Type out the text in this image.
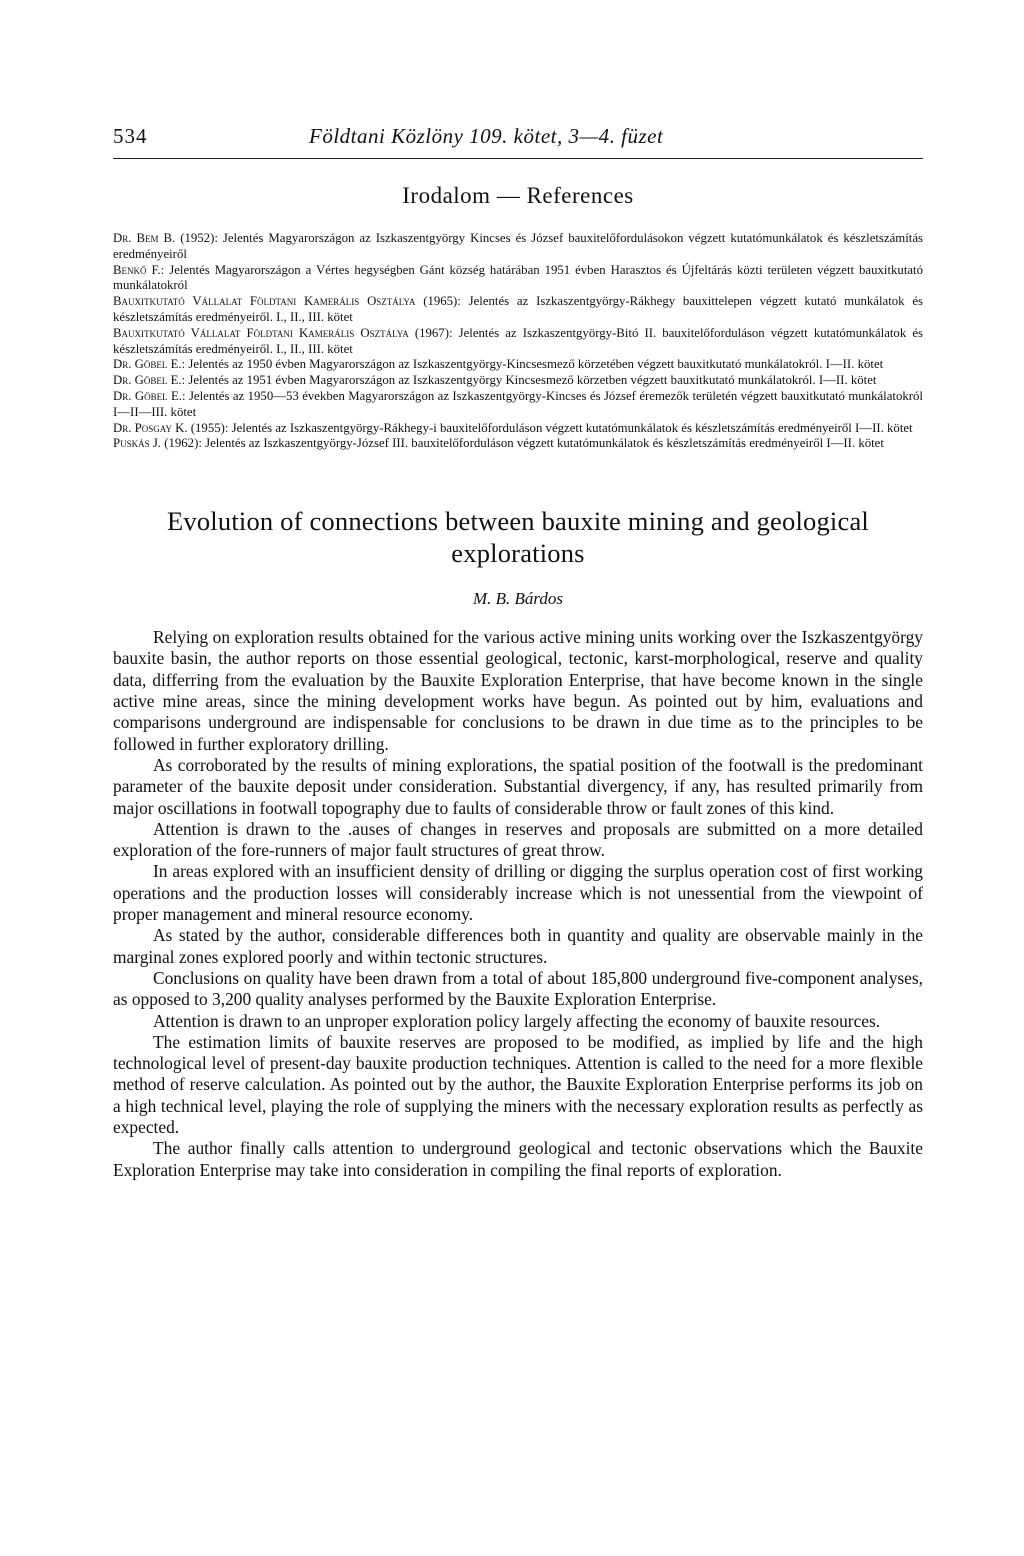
534	Földtani Közlöny 109. kötet, 3—4. füzet
Irodalom — References

Dr. Bem B. (1952): Jelentés Magyarországon az Iszkaszentgyörgy Kincses és József bauxitelőfordulásokon végzett kutatómunkálatok és készletszámítás eredményeiről

Benkő F.: Jelentés Magyarországon a Vértes hegységben Gánt község határában 1951 évben Harasztos és Újfeltárás közti területen végzett bauxitkutató munkálatokról

Bauxitkutató Vállalat Földtani Kamerális Osztálya (1965): Jelentés az Iszkaszentgyörgy-Rákhegy bauxittelepen végzett kutató munkálatok és készletszámítás eredményeiről. I., II., III. kötet

Bauxitkutató Vállalat Földtani Kamerális Osztálya (1967): Jelentés az Iszkaszentgyörgy-Bitó II. bauxitelőforduláson végzett kutatómunkálatok és készletszámítás eredményeiről. I., II., III. kötet

Dr. Göbel E.: Jelentés az 1950 évben Magyarországon az Iszkaszentgyörgy-Kincsesmező körzetében végzett bauxitkutató munkálatokról. I—II. kötet

Dr. Göbel E.: Jelentés az 1951 évben Magyarországon az Iszkaszentgyörgy Kincsesmező körzetben végzett bauxitkutató munkálatokról. I—II. kötet

Dr. Göbel E.: Jelentés az 1950—53 években Magyarországon az Iszkaszentgyörgy-Kincses és József éremezők területén végzett bauxitkutató munkálatokról I—II—III. kötet

Dr. Posgay K. (1955): Jelentés az Iszkaszentgyörgy-Rákhegy-i bauxitelőforduláson végzett kutatómunkálatok és készletszámítás eredményeiről I—II. kötet

Puskás J. (1962): Jelentés az Iszkaszentgyörgy-József III. bauxitelőforduláson végzett kutatómunkálatok és készletszámítás eredményeiről I—II. kötet

Evolution of connections between bauxite mining and geological explorations
M. B. Bárdos

Relying on exploration results obtained for the various active mining units working over the Iszkaszentgyörgy bauxite basin, the author reports on those essential geological, tectonic, karst-morphological, reserve and quality data, differring from the evaluation by the Bauxite Exploration Enterprise, that have become known in the single active mine areas, since the mining development works have begun. As pointed out by him, evaluations and comparisons underground are indispensable for conclusions to be drawn in due time as to the principles to be followed in further exploratory drilling.

As corroborated by the results of mining explorations, the spatial position of the footwall is the predominant parameter of the bauxite deposit under consideration. Substantial divergency, if any, has resulted primarily from major oscillations in footwall topography due to faults of considerable throw or fault zones of this kind.

Attention is drawn to the .auses of changes in reserves and proposals are submitted on a more detailed exploration of the fore-runners of major fault structures of great throw.

In areas explored with an insufficient density of drilling or digging the surplus operation cost of first working operations and the production losses will considerably increase which is not unessential from the viewpoint of proper management and mineral resource economy.

As stated by the author, considerable differences both in quantity and quality are observable mainly in the marginal zones explored poorly and within tectonic structures.

Conclusions on quality have been drawn from a total of about 185,800 underground five-component analyses, as opposed to 3,200 quality analyses performed by the Bauxite Exploration Enterprise.

Attention is drawn to an unproper exploration policy largely affecting the economy of bauxite resources.

The estimation limits of bauxite reserves are proposed to be modified, as implied by life and the high technological level of present-day bauxite production techniques. Attention is called to the need for a more flexible method of reserve calculation. As pointed out by the author, the Bauxite Exploration Enterprise performs its job on a high technical level, playing the role of supplying the miners with the necessary exploration results as perfectly as expected.

The author finally calls attention to underground geological and tectonic observations which the Bauxite Exploration Enterprise may take into consideration in compiling the final reports of exploration.
